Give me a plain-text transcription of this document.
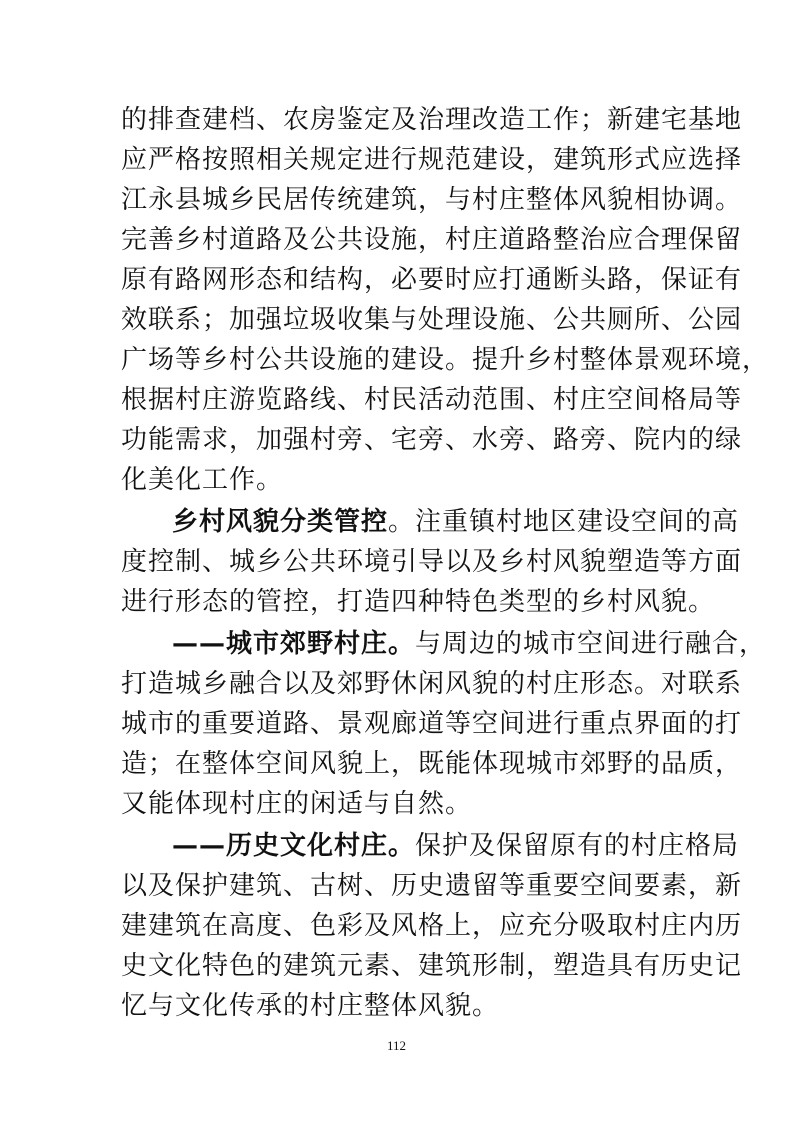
的排查建档、农房鉴定及治理改造工作；新建宅基地
应严格按照相关规定进行规范建设，建筑形式应选择
江永县城乡民居传统建筑，与村庄整体风貌相协调。
完善乡村道路及公共设施，村庄道路整治应合理保留
原有路网形态和结构，必要时应打通断头路，保证有
效联系；加强垃圾收集与处理设施、公共厕所、公园
广场等乡村公共设施的建设。提升乡村整体景观环境，
根据村庄游览路线、村民活动范围、村庄空间格局等
功能需求，加强村旁、宅旁、水旁、路旁、院内的绿
化美化工作。
乡村风貌分类管控。注重镇村地区建设空间的高
度控制、城乡公共环境引导以及乡村风貌塑造等方面
进行形态的管控，打造四种特色类型的乡村风貌。
——城市郊野村庄。与周边的城市空间进行融合，
打造城乡融合以及郊野休闲风貌的村庄形态。对联系
城市的重要道路、景观廊道等空间进行重点界面的打
造；在整体空间风貌上，既能体现城市郊野的品质，
又能体现村庄的闲适与自然。
——历史文化村庄。保护及保留原有的村庄格局
以及保护建筑、古树、历史遗留等重要空间要素，新
建建筑在高度、色彩及风格上，应充分吸取村庄内历
史文化特色的建筑元素、建筑形制，塑造具有历史记
忆与文化传承的村庄整体风貌。
112
